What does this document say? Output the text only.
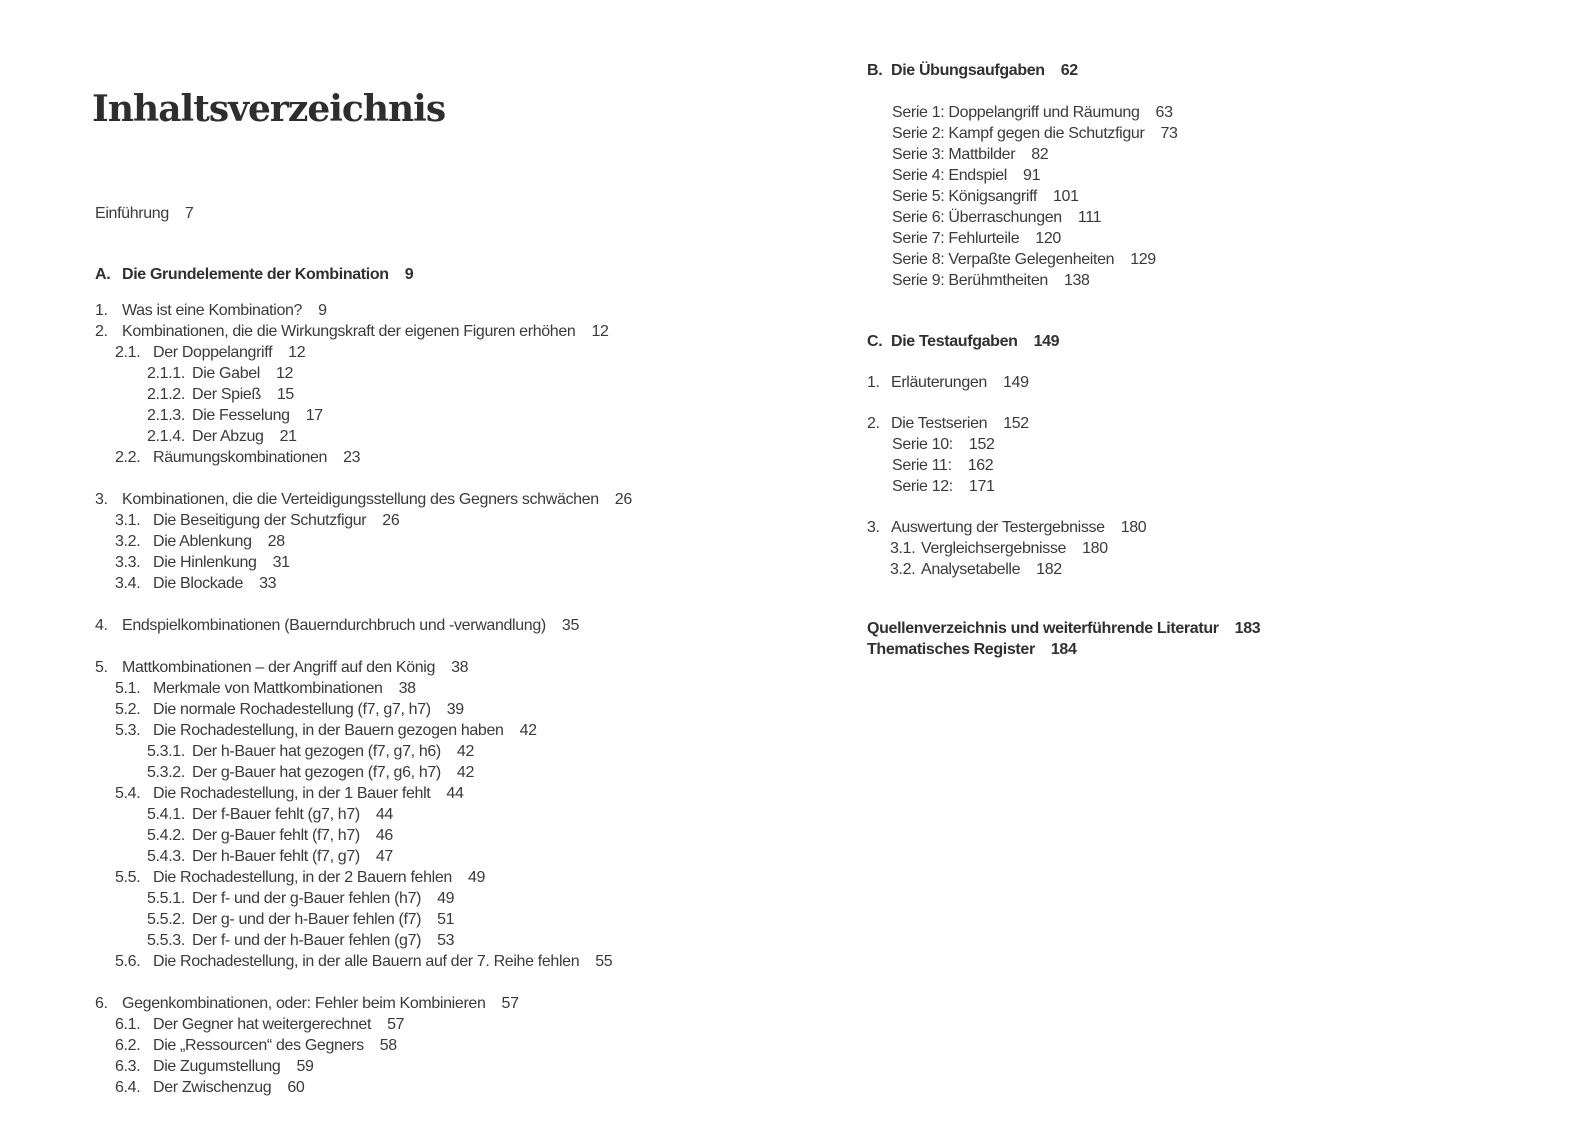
Inhaltsverzeichnis
Einführung 7
A. Die Grundelemente der Kombination 9
1. Was ist eine Kombination? 9
2. Kombinationen, die die Wirkungskraft der eigenen Figuren erhöhen 12
2.1. Der Doppelangriff 12
2.1.1. Die Gabel 12
2.1.2. Der Spieß 15
2.1.3. Die Fesselung 17
2.1.4. Der Abzug 21
2.2. Räumungskombinationen 23
3. Kombinationen, die die Verteidigungsstellung des Gegners schwächen 26
3.1. Die Beseitigung der Schutzfigur 26
3.2. Die Ablenkung 28
3.3. Die Hinlenkung 31
3.4. Die Blockade 33
4. Endspielkombinationen (Bauerndurchbruch und -verwandlung) 35
5. Mattkombinationen – der Angriff auf den König 38
5.1. Merkmale von Mattkombinationen 38
5.2. Die normale Rochadestellung (f7, g7, h7) 39
5.3. Die Rochadestellung, in der Bauern gezogen haben 42
5.3.1. Der h-Bauer hat gezogen (f7, g7, h6) 42
5.3.2. Der g-Bauer hat gezogen (f7, g6, h7) 42
5.4. Die Rochadestellung, in der 1 Bauer fehlt 44
5.4.1. Der f-Bauer fehlt (g7, h7) 44
5.4.2. Der g-Bauer fehlt (f7, h7) 46
5.4.3. Der h-Bauer fehlt (f7, g7) 47
5.5. Die Rochadestellung, in der 2 Bauern fehlen 49
5.5.1. Der f- und der g-Bauer fehlen (h7) 49
5.5.2. Der g- und der h-Bauer fehlen (f7) 51
5.5.3. Der f- und der h-Bauer fehlen (g7) 53
5.6. Die Rochadestellung, in der alle Bauern auf der 7. Reihe fehlen 55
6. Gegenkombinationen, oder: Fehler beim Kombinieren 57
6.1. Der Gegner hat weitergerechnet 57
6.2. Die „Ressourcen“ des Gegners 58
6.3. Die Zugumstellung 59
6.4. Der Zwischenzug 60
B. Die Übungsaufgaben 62
Serie 1: Doppelangriff und Räumung 63
Serie 2: Kampf gegen die Schutzfigur 73
Serie 3: Mattbilder 82
Serie 4: Endspiel 91
Serie 5: Königsangriff 101
Serie 6: Überraschungen 111
Serie 7: Fehlurteile 120
Serie 8: Verpaßte Gelegenheiten 129
Serie 9: Berühmtheiten 138
C. Die Testaufgaben 149
1. Erläuterungen 149
2. Die Testserien 152
Serie 10: 152
Serie 11: 162
Serie 12: 171
3. Auswertung der Testergebnisse 180
3.1. Vergleichsergebnisse 180
3.2. Analysetabelle 182
Quellenverzeichnis und weiterführende Literatur 183
Thematisches Register 184
